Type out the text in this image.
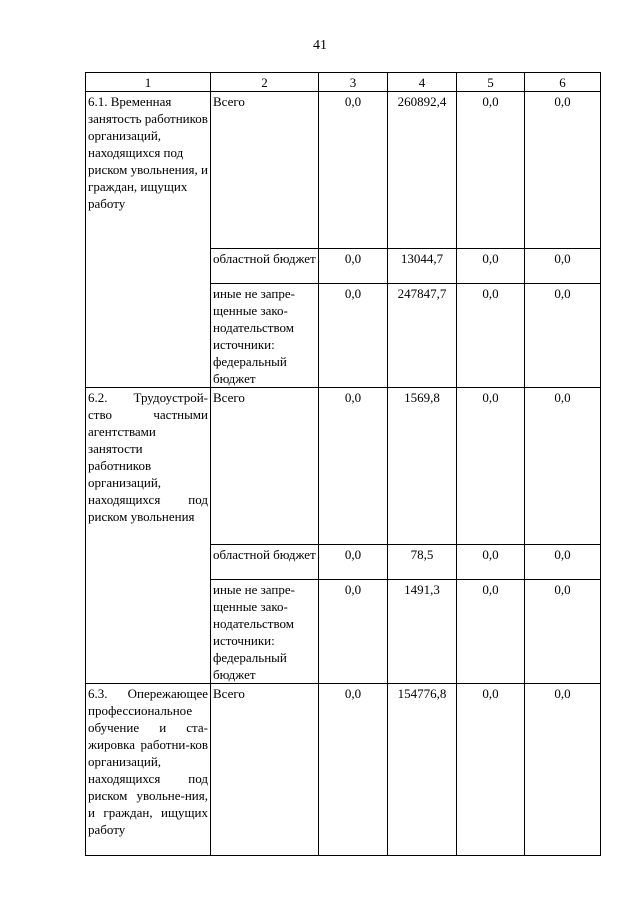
41
1	2	3	4	5	6
6.1. Временная занятость работников организаций, находящихся под риском увольнения, и граждан, ищущих работу	Всего	0,0	260892,4	0,0	0,0
	областной бюджет	0,0	13044,7	0,0	0,0
	иные не запре-щенные зако-нодательством источники: федеральный бюджет	0,0	247847,7	0,0	0,0
6.2. Трудоустрой-ство частными агентствами занятости работников организаций, находящихся под риском увольнения	Всего	0,0	1569,8	0,0	0,0
	областной бюджет	0,0	78,5	0,0	0,0
	иные не запре-щенные зако-нодательством источники: федеральный бюджет	0,0	1491,3	0,0	0,0
6.3. Опережающее профессиональное обучение и ста-жировка работни-ков организаций, находящихся под риском увольне-ния, и граждан, ищущих работу	Всего	0,0	154776,8	0,0	0,0
